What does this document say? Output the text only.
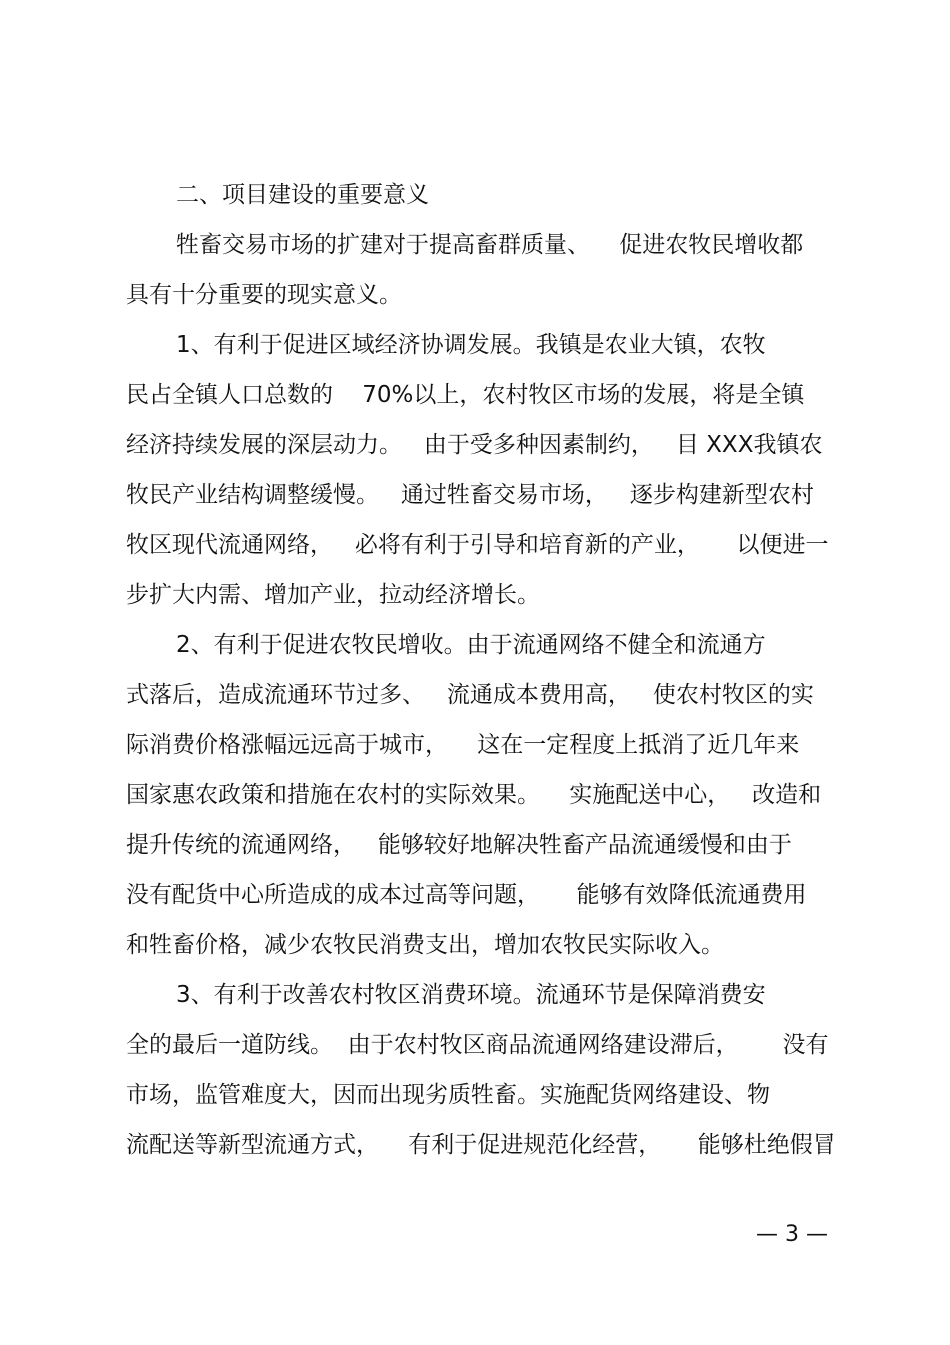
二、项目建设的重要意义
牲畜交易市场的扩建对于提高畜群质量、    促进农牧民增收都
具有十分重要的现实意义。
1、有利于促进区域经济协调发展。我镇是农业大镇，农牧
民占全镇人口总数的    70%以上，农村牧区市场的发展，将是全镇
经济持续发展的深层动力。   由于受多种因素制约，   目 XXX我镇农
牧民产业结构调整缓慢。   通过牲畜交易市场，   逐步构建新型农村
牧区现代流通网络，   必将有利于引导和培育新的产业，     以便进一
步扩大内需、增加产业，拉动经济增长。
2、有利于促进农牧民增收。由于流通网络不健全和流通方
式落后，造成流通环节过多、   流通成本费用高，   使农村牧区的实
际消费价格涨幅远远高于城市，    这在一定程度上抵消了近几年来
国家惠农政策和措施在农村的实际效果。    实施配送中心，   改造和
提升传统的流通网络，   能够较好地解决牲畜产品流通缓慢和由于
没有配货中心所造成的成本过高等问题，     能够有效降低流通费用
和牲畜价格，减少农牧民消费支出，增加农牧民实际收入。
3、有利于改善农村牧区消费环境。流通环节是保障消费安
全的最后一道防线。  由于农村牧区商品流通网络建设滞后，      没有
市场，监管难度大，因而出现劣质牲畜。实施配货网络建设、物
流配送等新型流通方式，    有利于促进规范化经营，     能够杜绝假冒
— 3 —
